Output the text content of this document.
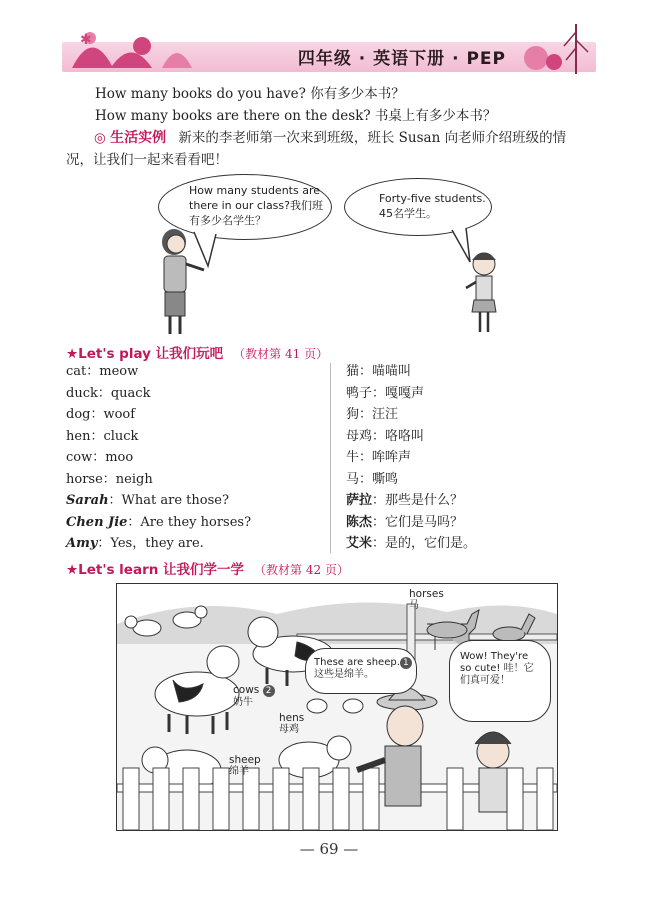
✱
四年级 · 英语下册 · PEP
How many books do you have? 你有多少本书？
How many books are there on the desk? 书桌上有多少本书？
◎ 生活实例 新来的李老师第一次来到班级，班长 Susan 向老师介绍班级的情
况，让我们一起来看看吧！
How many students are
there in our class?我们班
有多少名学生？
Forty-five students.
45名学生。
★Let's play 让我们玩吧 （教材第 41 页）
cat：meow
duck：quack
dog：woof
hen：cluck
cow：moo
horse：neigh
Sarah：What are those?
Chen Jie：Are they horses?
Amy：Yes，they are.
猫：喵喵叫
鸭子：嘎嘎声
狗：汪汪
母鸡：咯咯叫
牛：哞哞声
马：嘶鸣
萨拉：那些是什么？
陈杰：它们是马吗？
艾米：是的，它们是。
★Let's learn 让我们学一学 （教材第 42 页）
horses
马
cows 2
奶牛
hens
母鸡
sheep
绵羊
These are sheep. 1
这些是绵羊。
Wow! They're
so cute! 哇！它
们真可爱！
— 69 —
